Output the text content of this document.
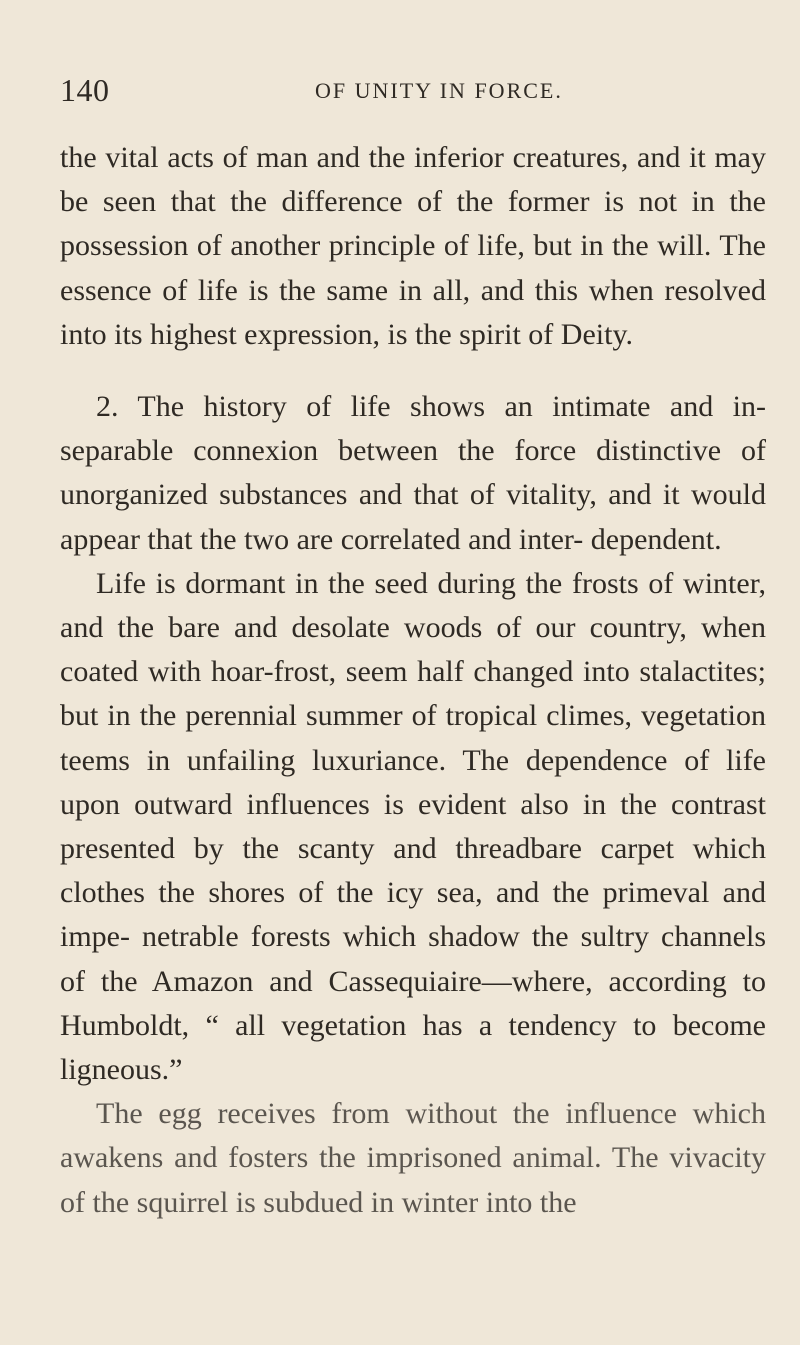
140	OF UNITY IN FORCE.

the vital acts of man and the inferior creatures, and it may be seen that the difference of the former is not in the possession of another principle of life, but in the will. The essence of life is the same in all, and this when resolved into its highest expression, is the spirit of Deity.

2. The history of life shows an intimate and in- separable connexion between the force distinctive of unorganized substances and that of vitality, and it would appear that the two are correlated and inter- dependent.

Life is dormant in the seed during the frosts of winter, and the bare and desolate woods of our country, when coated with hoar-frost, seem half changed into stalactites; but in the perennial summer of tropical climes, vegetation teems in unfailing luxuriance. The dependence of life upon outward influences is evident also in the contrast presented by the scanty and threadbare carpet which clothes the shores of the icy sea, and the primeval and impe- netrable forests which shadow the sultry channels of the Amazon and Cassequiaire—where, according to Humboldt, “ all vegetation has a tendency to become ligneous.”

The egg receives from without the influence which awakens and fosters the imprisoned animal. The vivacity of the squirrel is subdued in winter into the
